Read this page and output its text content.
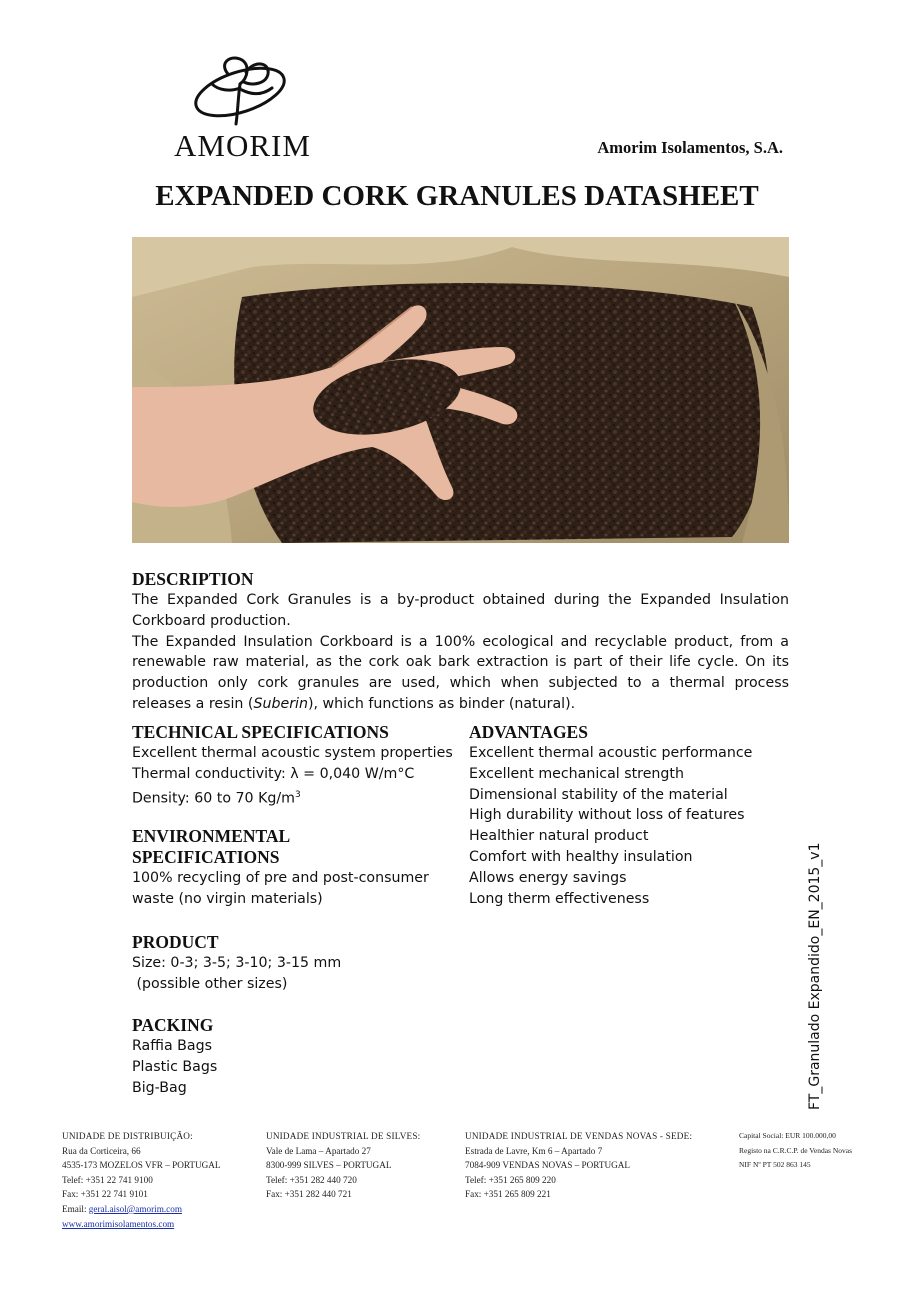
AMORIM	Amorim Isolamentos, S.A.
EXPANDED CORK GRANULES DATASHEET

DESCRIPTION

The Expanded Cork Granules is a by-product obtained during the Expanded Insulation Corkboard production.

The Expanded Insulation Corkboard is a 100% ecological and recyclable product, from a renewable raw material, as the cork oak bark extraction is part of their life cycle. On its production only cork granules are used, which when subjected to a thermal process releases a resin (Suberin), which functions as binder (natural).

TECHNICAL SPECIFICATIONS

Excellent thermal acoustic system properties

Thermal conductivity: λ = 0,040 W/m°C

Density: 60 to 70 $Kg/m^3$

ENVIRONMENTAL

SPECIFICATIONS

100% recycling of pre and post-consumer

waste (no virgin materials)

PRODUCT

Size: 0-3; 3-5; 3-10; 3-15 mm

(possible other sizes)

PACKING

Raffia Bags

Plastic Bags

Big-Bag

ADVANTAGES

Excellent thermal acoustic performance

Excellent mechanical strength

Dimensional stability of the material

High durability without loss of features

Healthier natural product

Comfort with healthy insulation

Allows energy savings

Long therm effectiveness	FT_Granulado Expandido_EN_2015_v1
UNIDADE DE DISTRIBUIÇÃO:
Rua da Corticeira, 66
4535-173 MOZELOS VFR – PORTUGAL
Telef: +351 22 741 9100
Fax: +351 22 741 9101
Email: geral.aisol@amorim.com
www.amorimisolamentos.com
UNIDADE INDUSTRIAL DE SILVES:
Vale de Lama – Apartado 27
8300-999 SILVES – PORTUGAL
Telef: +351 282 440 720
Fax: +351 282 440 721
UNIDADE INDUSTRIAL DE VENDAS NOVAS - SEDE:
Estrada de Lavre, Km 6 – Apartado 7
7084-909 VENDAS NOVAS – PORTUGAL
Telef: +351 265 809 220
Fax: +351 265 809 221
Capital Social: EUR 100.000,00
Registo na C.R.C.P. de Vendas Novas
NIF Nº PT 502 863 145
